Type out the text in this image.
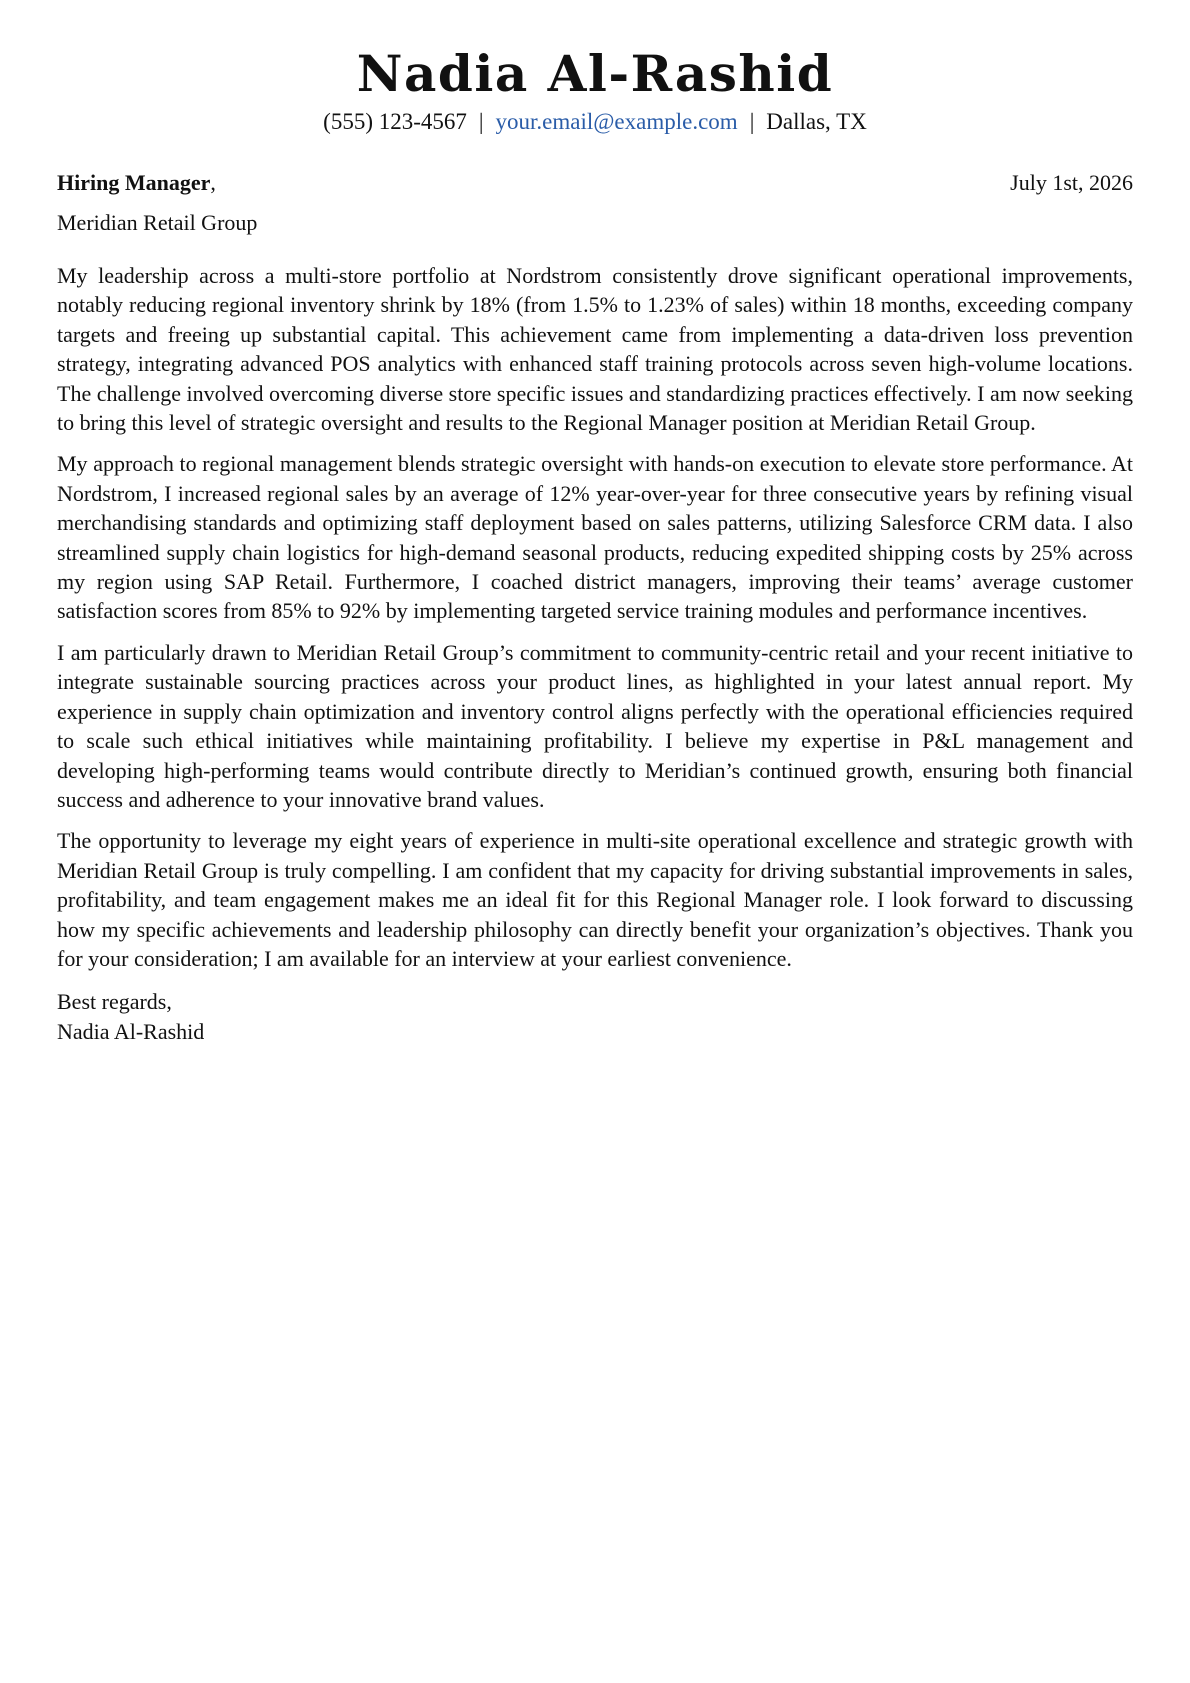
Nadia Al-Rashid
(555) 123-4567 | your.email@example.com | Dallas, TX
Hiring Manager,	July 1st, 2026
Meridian Retail Group

My leadership across a multi-store portfolio at Nordstrom consistently drove significant operational improvements, notably reducing regional inventory shrink by 18% (from 1.5% to 1.23% of sales) within 18 months, exceeding company targets and freeing up substantial capital. This achievement came from implementing a data-driven loss prevention strategy, integrating advanced POS analytics with enhanced staff training protocols across seven high-volume locations. The challenge involved overcoming diverse store specific issues and standardizing practices effectively. I am now seeking to bring this level of strategic oversight and results to the Regional Manager position at Meridian Retail Group.

My approach to regional management blends strategic oversight with hands-on execution to elevate store performance. At Nordstrom, I increased regional sales by an average of 12% year-over-year for three consecutive years by refining visual merchandising standards and optimizing staff deployment based on sales patterns, utilizing Salesforce CRM data. I also streamlined supply chain logistics for high-demand seasonal products, reducing expedited shipping costs by 25% across my region using SAP Retail. Furthermore, I coached district managers, improving their teams’ average customer satisfaction scores from 85% to 92% by implementing targeted service training modules and performance incentives.

I am particularly drawn to Meridian Retail Group’s commitment to community-centric retail and your recent initiative to integrate sustainable sourcing practices across your product lines, as highlighted in your latest annual report. My experience in supply chain optimization and inventory control aligns perfectly with the operational efficiencies required to scale such ethical initiatives while maintaining profitability. I believe my expertise in P&L management and developing high-performing teams would contribute directly to Meridian’s continued growth, ensuring both financial success and adherence to your innovative brand values.

The opportunity to leverage my eight years of experience in multi-site operational excellence and strategic growth with Meridian Retail Group is truly compelling. I am confident that my capacity for driving substantial improvements in sales, profitability, and team engagement makes me an ideal fit for this Regional Manager role. I look forward to discussing how my specific achievements and leadership philosophy can directly benefit your organization’s objectives. Thank you for your consideration; I am available for an interview at your earliest convenience.

Best regards,
Nadia Al-Rashid
